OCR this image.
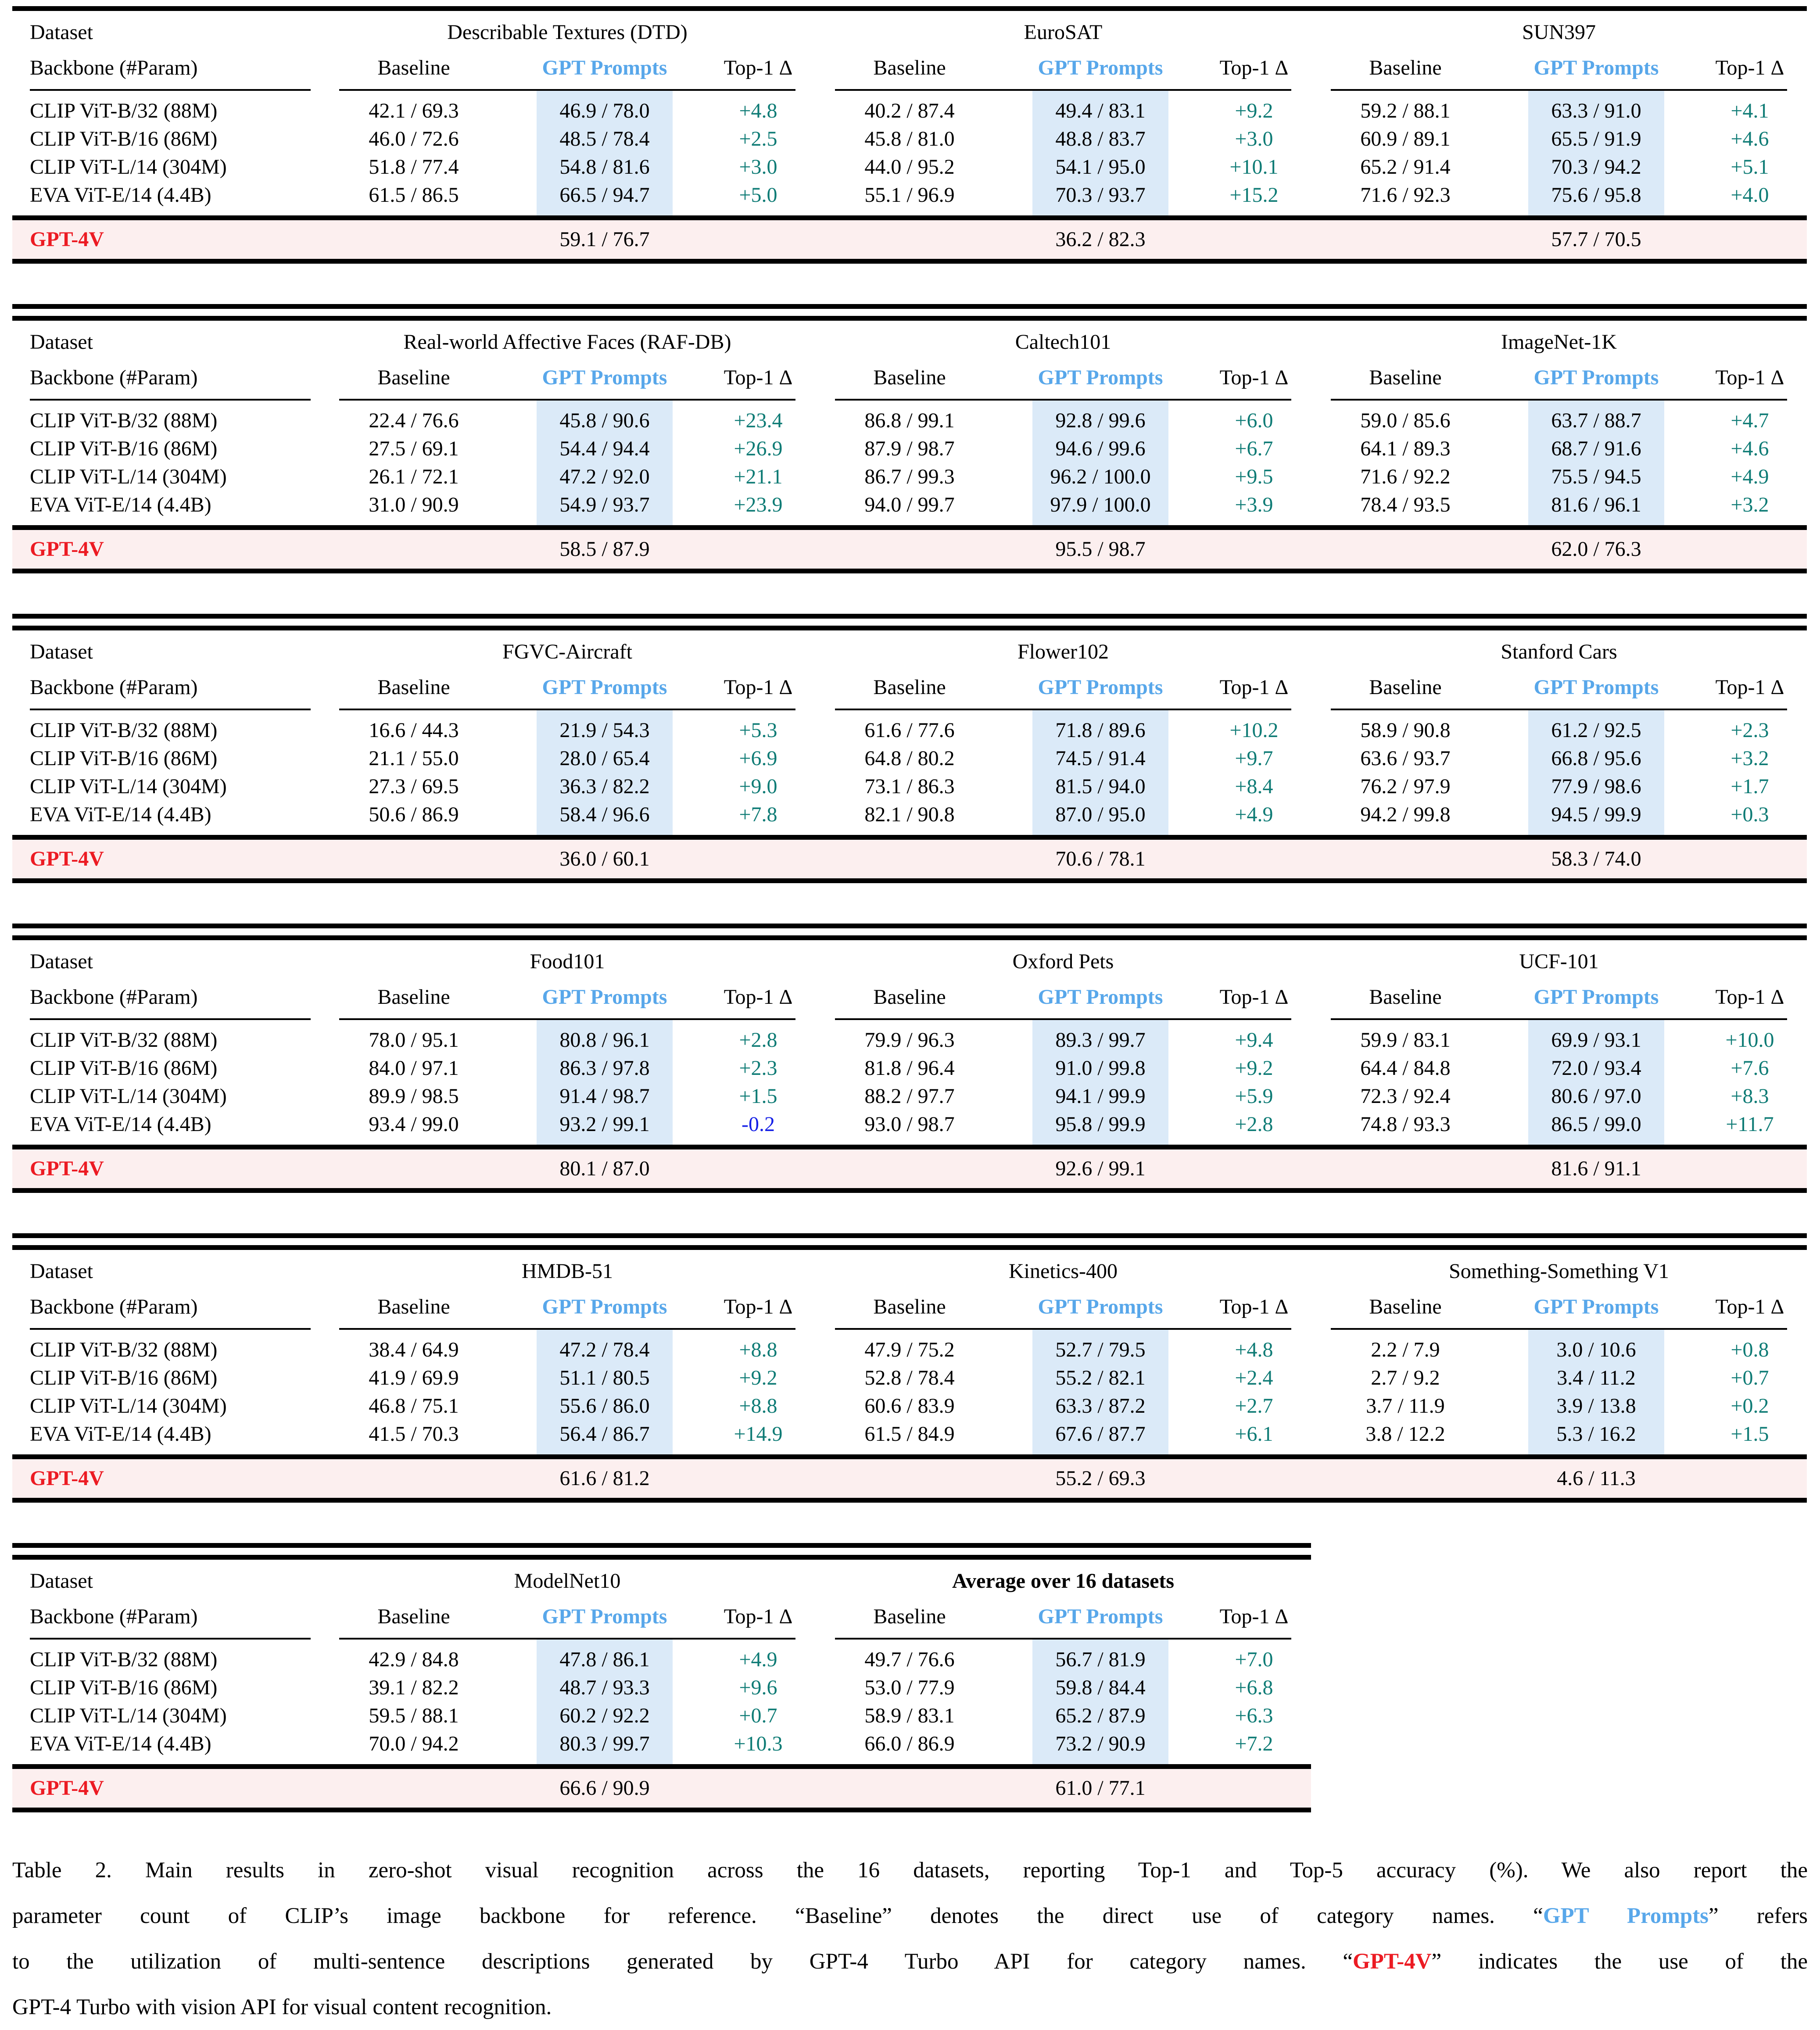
Dataset	Describable Textures (DTD)	EuroSAT	SUN397
Backbone (#Param)	Baseline	GPT Prompts	Top-1 Δ	Baseline	GPT Prompts	Top-1 Δ	Baseline	GPT Prompts	Top-1 Δ
CLIP ViT-B/32 (88M)	42.1 / 69.3	46.9 / 78.0	+4.8	40.2 / 87.4	49.4 / 83.1	+9.2	59.2 / 88.1	63.3 / 91.0	+4.1
CLIP ViT-B/16 (86M)	46.0 / 72.6	48.5 / 78.4	+2.5	45.8 / 81.0	48.8 / 83.7	+3.0	60.9 / 89.1	65.5 / 91.9	+4.6
CLIP ViT-L/14 (304M)	51.8 / 77.4	54.8 / 81.6	+3.0	44.0 / 95.2	54.1 / 95.0	+10.1	65.2 / 91.4	70.3 / 94.2	+5.1
EVA ViT-E/14 (4.4B)	61.5 / 86.5	66.5 / 94.7	+5.0	55.1 / 96.9	70.3 / 93.7	+15.2	71.6 / 92.3	75.6 / 95.8	+4.0
GPT-4V	59.1 / 76.7	36.2 / 82.3	57.7 / 70.5
Dataset	Real-world Affective Faces (RAF-DB)	Caltech101	ImageNet-1K
Backbone (#Param)	Baseline	GPT Prompts	Top-1 Δ	Baseline	GPT Prompts	Top-1 Δ	Baseline	GPT Prompts	Top-1 Δ
CLIP ViT-B/32 (88M)	22.4 / 76.6	45.8 / 90.6	+23.4	86.8 / 99.1	92.8 / 99.6	+6.0	59.0 / 85.6	63.7 / 88.7	+4.7
CLIP ViT-B/16 (86M)	27.5 / 69.1	54.4 / 94.4	+26.9	87.9 / 98.7	94.6 / 99.6	+6.7	64.1 / 89.3	68.7 / 91.6	+4.6
CLIP ViT-L/14 (304M)	26.1 / 72.1	47.2 / 92.0	+21.1	86.7 / 99.3	96.2 / 100.0	+9.5	71.6 / 92.2	75.5 / 94.5	+4.9
EVA ViT-E/14 (4.4B)	31.0 / 90.9	54.9 / 93.7	+23.9	94.0 / 99.7	97.9 / 100.0	+3.9	78.4 / 93.5	81.6 / 96.1	+3.2
GPT-4V	58.5 / 87.9	95.5 / 98.7	62.0 / 76.3
Dataset	FGVC-Aircraft	Flower102	Stanford Cars
Backbone (#Param)	Baseline	GPT Prompts	Top-1 Δ	Baseline	GPT Prompts	Top-1 Δ	Baseline	GPT Prompts	Top-1 Δ
CLIP ViT-B/32 (88M)	16.6 / 44.3	21.9 / 54.3	+5.3	61.6 / 77.6	71.8 / 89.6	+10.2	58.9 / 90.8	61.2 / 92.5	+2.3
CLIP ViT-B/16 (86M)	21.1 / 55.0	28.0 / 65.4	+6.9	64.8 / 80.2	74.5 / 91.4	+9.7	63.6 / 93.7	66.8 / 95.6	+3.2
CLIP ViT-L/14 (304M)	27.3 / 69.5	36.3 / 82.2	+9.0	73.1 / 86.3	81.5 / 94.0	+8.4	76.2 / 97.9	77.9 / 98.6	+1.7
EVA ViT-E/14 (4.4B)	50.6 / 86.9	58.4 / 96.6	+7.8	82.1 / 90.8	87.0 / 95.0	+4.9	94.2 / 99.8	94.5 / 99.9	+0.3
GPT-4V	36.0 / 60.1	70.6 / 78.1	58.3 / 74.0
Dataset	Food101	Oxford Pets	UCF-101
Backbone (#Param)	Baseline	GPT Prompts	Top-1 Δ	Baseline	GPT Prompts	Top-1 Δ	Baseline	GPT Prompts	Top-1 Δ
CLIP ViT-B/32 (88M)	78.0 / 95.1	80.8 / 96.1	+2.8	79.9 / 96.3	89.3 / 99.7	+9.4	59.9 / 83.1	69.9 / 93.1	+10.0
CLIP ViT-B/16 (86M)	84.0 / 97.1	86.3 / 97.8	+2.3	81.8 / 96.4	91.0 / 99.8	+9.2	64.4 / 84.8	72.0 / 93.4	+7.6
CLIP ViT-L/14 (304M)	89.9 / 98.5	91.4 / 98.7	+1.5	88.2 / 97.7	94.1 / 99.9	+5.9	72.3 / 92.4	80.6 / 97.0	+8.3
EVA ViT-E/14 (4.4B)	93.4 / 99.0	93.2 / 99.1	-0.2	93.0 / 98.7	95.8 / 99.9	+2.8	74.8 / 93.3	86.5 / 99.0	+11.7
GPT-4V	80.1 / 87.0	92.6 / 99.1	81.6 / 91.1
Dataset	HMDB-51	Kinetics-400	Something-Something V1
Backbone (#Param)	Baseline	GPT Prompts	Top-1 Δ	Baseline	GPT Prompts	Top-1 Δ	Baseline	GPT Prompts	Top-1 Δ
CLIP ViT-B/32 (88M)	38.4 / 64.9	47.2 / 78.4	+8.8	47.9 / 75.2	52.7 / 79.5	+4.8	2.2 / 7.9	3.0 / 10.6	+0.8
CLIP ViT-B/16 (86M)	41.9 / 69.9	51.1 / 80.5	+9.2	52.8 / 78.4	55.2 / 82.1	+2.4	2.7 / 9.2	3.4 / 11.2	+0.7
CLIP ViT-L/14 (304M)	46.8 / 75.1	55.6 / 86.0	+8.8	60.6 / 83.9	63.3 / 87.2	+2.7	3.7 / 11.9	3.9 / 13.8	+0.2
EVA ViT-E/14 (4.4B)	41.5 / 70.3	56.4 / 86.7	+14.9	61.5 / 84.9	67.6 / 87.7	+6.1	3.8 / 12.2	5.3 / 16.2	+1.5
GPT-4V	61.6 / 81.2	55.2 / 69.3	4.6 / 11.3
Dataset	ModelNet10	Average over 16 datasets
Backbone (#Param)	Baseline	GPT Prompts	Top-1 Δ	Baseline	GPT Prompts	Top-1 Δ
CLIP ViT-B/32 (88M)	42.9 / 84.8	47.8 / 86.1	+4.9	49.7 / 76.6	56.7 / 81.9	+7.0
CLIP ViT-B/16 (86M)	39.1 / 82.2	48.7 / 93.3	+9.6	53.0 / 77.9	59.8 / 84.4	+6.8
CLIP ViT-L/14 (304M)	59.5 / 88.1	60.2 / 92.2	+0.7	58.9 / 83.1	65.2 / 87.9	+6.3
EVA ViT-E/14 (4.4B)	70.0 / 94.2	80.3 / 99.7	+10.3	66.0 / 86.9	73.2 / 90.9	+7.2
GPT-4V	66.6 / 90.9	61.0 / 77.1
Table 2. Main results in zero-shot visual recognition across the 16 datasets, reporting Top-1 and Top-5 accuracy (%). We also report the
parameter count of CLIP’s image backbone for reference. “Baseline” denotes the direct use of category names. “GPT Prompts” refers
to the utilization of multi-sentence descriptions generated by GPT-4 Turbo API for category names. “GPT-4V” indicates the use of the
GPT-4 Turbo with vision API for visual content recognition.
